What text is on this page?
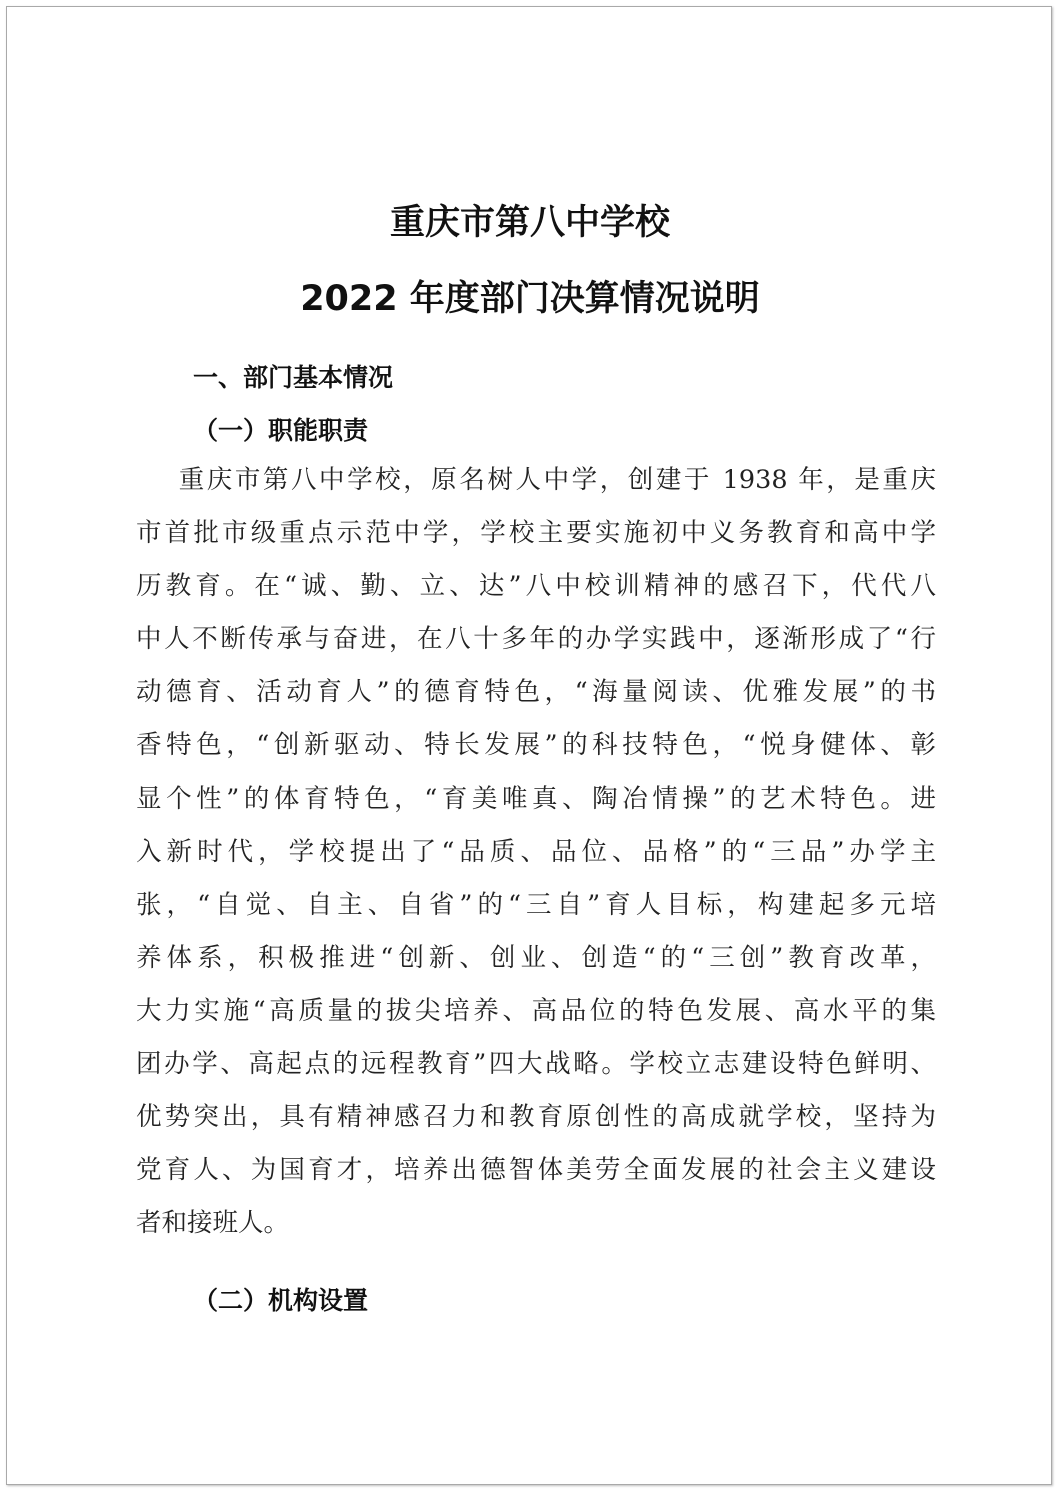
重庆市第八中学校
2022 年度部门决算情况说明
一、部门基本情况
（一）职能职责
重庆市第八中学校，原名树人中学，创建于 1938 年，是重庆
市首批市级重点示范中学，学校主要实施初中义务教育和高中学
历教育。在“诚、勤、立、达”八中校训精神的感召下，代代八
中人不断传承与奋进，在八十多年的办学实践中，逐渐形成了“行
动德育、活动育人”的德育特色，“海量阅读、优雅发展”的书
香特色，“创新驱动、特长发展”的科技特色，“悦身健体、彰
显个性”的体育特色，“育美唯真、陶冶情操”的艺术特色。进
入新时代，学校提出了“品质、品位、品格”的“三品”办学主
张，“自觉、自主、自省”的“三自”育人目标，构建起多元培
养体系，积极推进“创新、创业、创造“的“三创”教育改革，
大力实施“高质量的拔尖培养、高品位的特色发展、高水平的集
团办学、高起点的远程教育”四大战略。学校立志建设特色鲜明、
优势突出，具有精神感召力和教育原创性的高成就学校，坚持为
党育人、为国育才，培养出德智体美劳全面发展的社会主义建设
者和接班人。
（二）机构设置
